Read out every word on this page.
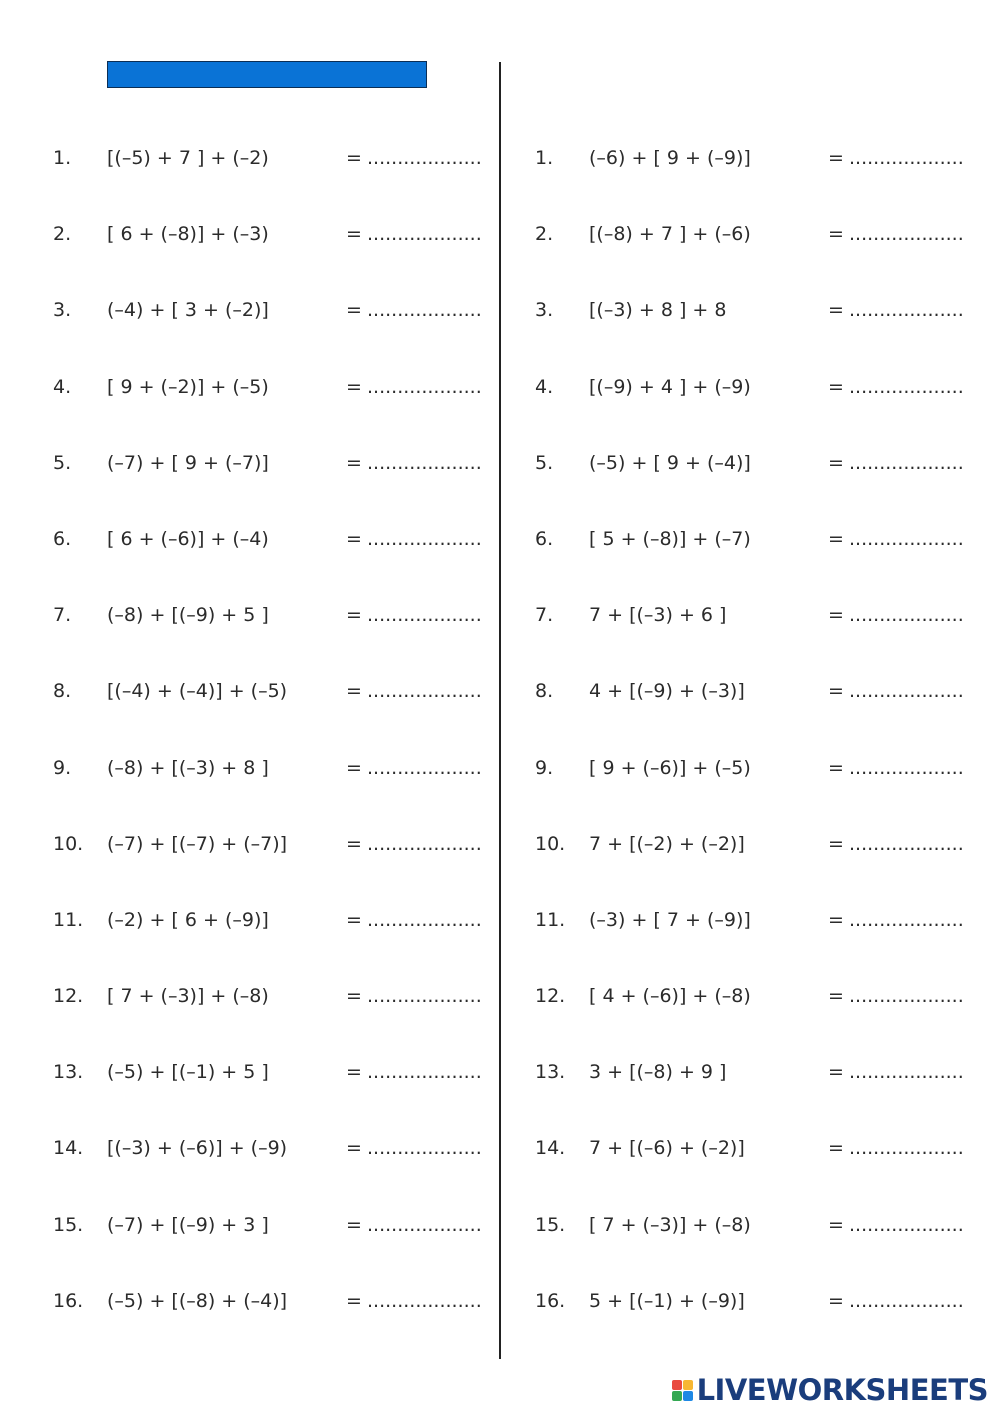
1. [(–5) + 7 ] + (–2)	= ...................
2. [ 6 + (–8)] + (–3)	= ...................
3. (–4) + [ 3 + (–2)]	= ...................
4. [ 9 + (–2)] + (–5)	= ...................
5. (–7) + [ 9 + (–7)]	= ...................
6. [ 6 + (–6)] + (–4)	= ...................
7. (–8) + [(–9) + 5 ]	= ...................
8. [(–4) + (–4)] + (–5)	= ...................
9. (–8) + [(–3) + 8 ]	= ...................
10. (–7) + [(–7) + (–7)]	= ...................
11. (–2) + [ 6 + (–9)]	= ...................
12. [ 7 + (–3)] + (–8)	= ...................
13. (–5) + [(–1) + 5 ]	= ...................
14. [(–3) + (–6)] + (–9)	= ...................
15. (–7) + [(–9) + 3 ]	= ...................
16. (–5) + [(–8) + (–4)]	= ...................
1. (–6) + [ 9 + (–9)]	= ...................
2. [(–8) + 7 ] + (–6)	= ...................
3. [(–3) + 8 ] + 8	= ...................
4. [(–9) + 4 ] + (–9)	= ...................
5. (–5) + [ 9 + (–4)]	= ...................
6. [ 5 + (–8)] + (–7)	= ...................
7. 7 + [(–3) + 6 ]	= ...................
8. 4 + [(–9) + (–3)]	= ...................
9. [ 9 + (–6)] + (–5)	= ...................
10. 7 + [(–2) + (–2)]	= ...................
11. (–3) + [ 7 + (–9)]	= ...................
12. [ 4 + (–6)] + (–8)	= ...................
13. 3 + [(–8) + 9 ]	= ...................
14. 7 + [(–6) + (–2)]	= ...................
15. [ 7 + (–3)] + (–8)	= ...................
16. 5 + [(–1) + (–9)]	= ...................
LIVEWORKSHEETS
